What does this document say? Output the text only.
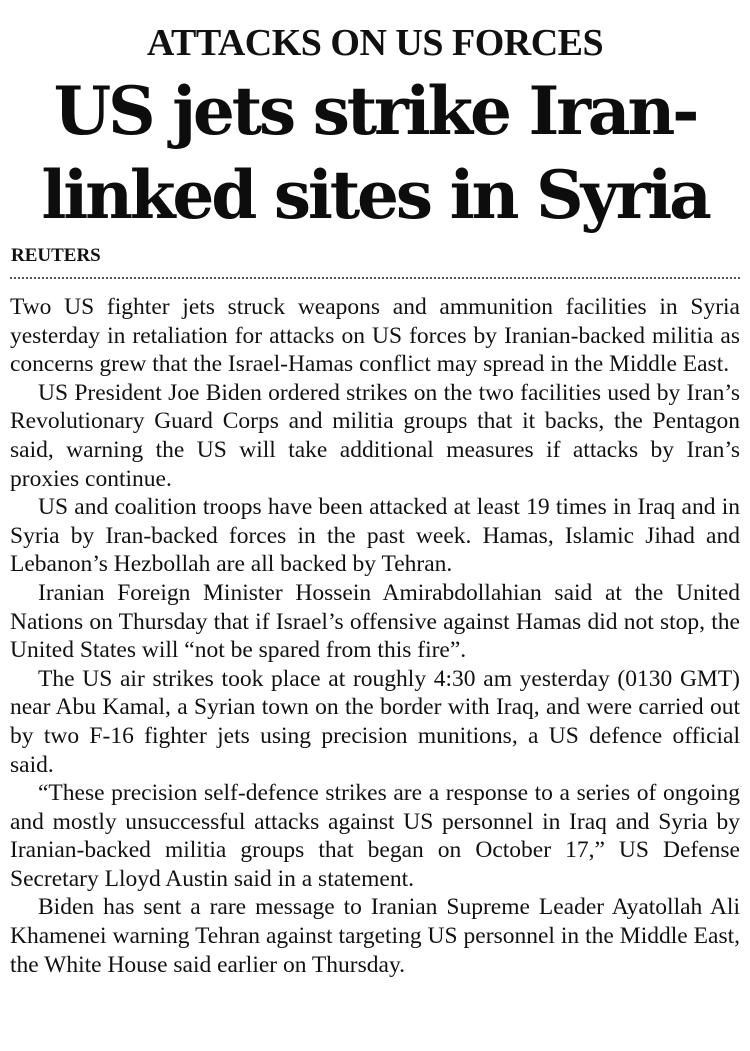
ATTACKS ON US FORCES
US jets strike Iran-linked sites in Syria
REUTERS

Two US fighter jets struck weapons and ammunition facilities in Syria yesterday in retaliation for attacks on US forces by Iranian-backed militia as concerns grew that the Israel-Hamas conflict may spread in the Middle East.

US President Joe Biden ordered strikes on the two facilities used by Iran’s Revolutionary Guard Corps and militia groups that it backs, the Pentagon said, warning the US will take additional measures if attacks by Iran’s proxies continue.

US and coalition troops have been attacked at least 19 times in Iraq and in Syria by Iran-backed forces in the past week. Hamas, Islamic Jihad and Lebanon’s Hezbollah are all backed by Tehran.

Iranian Foreign Minister Hossein Amirabdollahian said at the United Nations on Thursday that if Israel’s offensive against Hamas did not stop, the United States will “not be spared from this fire”.

The US air strikes took place at roughly 4:30 am yesterday (0130 GMT) near Abu Kamal, a Syrian town on the border with Iraq, and were carried out by two F-16 fighter jets using precision munitions, a US defence official said.

“These precision self-defence strikes are a response to a series of ongoing and mostly unsuccessful attacks against US personnel in Iraq and Syria by Iranian-backed militia groups that began on October 17,” US Defense Secretary Lloyd Austin said in a statement.

Biden has sent a rare message to Iranian Supreme Leader Ayatollah Ali Khamenei warning Tehran against targeting US personnel in the Middle East, the White House said earlier on Thursday.
